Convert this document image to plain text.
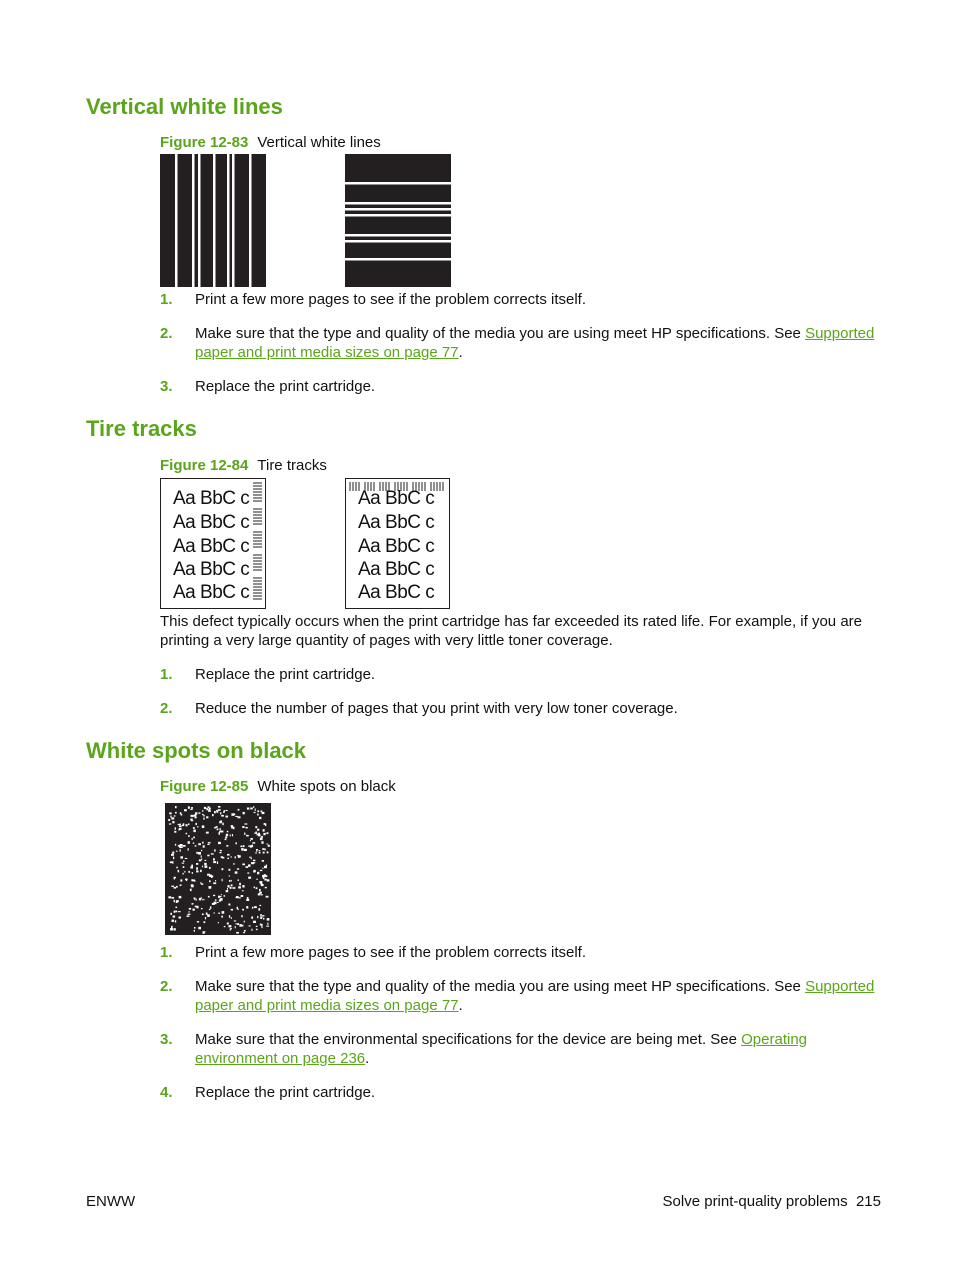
Vertical white lines
Figure 12-83 Vertical white lines
1. Print a few more pages to see if the problem corrects itself.
2. Make sure that the type and quality of the media you are using meet HP specifications. See Supported paper and print media sizes on page 77.
3. Replace the print cartridge.
Tire tracks
Figure 12-84 Tire tracks
Aa BbC c
Aa BbC c
Aa BbC c
Aa BbC c
Aa BbC c
Aa BbC c
Aa BbC c
Aa BbC c
Aa BbC c
Aa BbC c
This defect typically occurs when the print cartridge has far exceeded its rated life. For example, if you are printing a very large quantity of pages with very little toner coverage.
1. Replace the print cartridge.
2. Reduce the number of pages that you print with very low toner coverage.
White spots on black
Figure 12-85 White spots on black
1. Print a few more pages to see if the problem corrects itself.
2. Make sure that the type and quality of the media you are using meet HP specifications. See Supported paper and print media sizes on page 77.
3. Make sure that the environmental specifications for the device are being met. See Operating environment on page 236.
4. Replace the print cartridge.
ENWW	Solve print-quality problems 215
